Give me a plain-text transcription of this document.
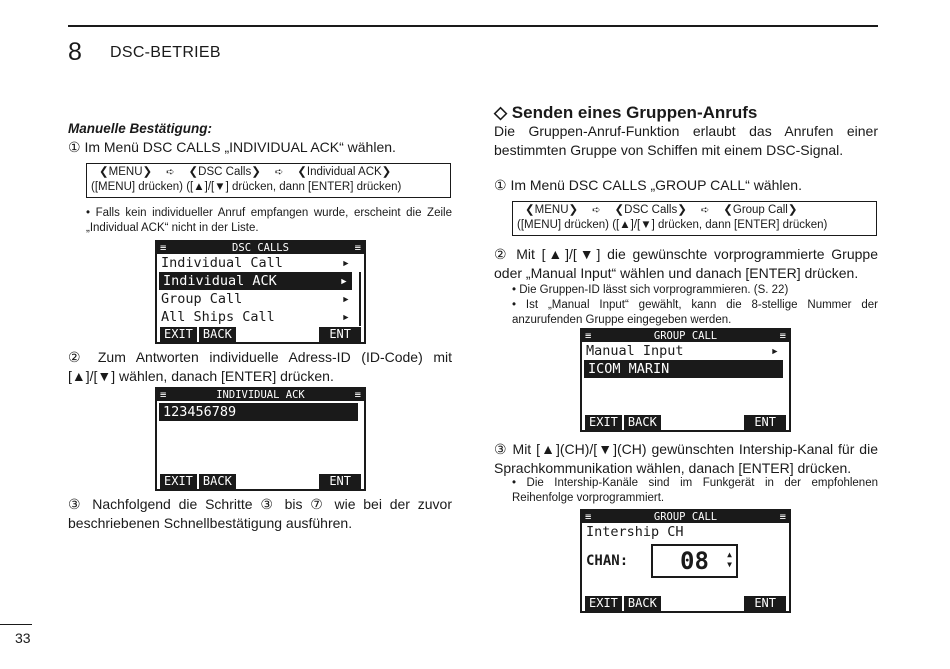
8 DSC-BETRIEB
Manuelle Bestätigung:
① Im Menü DSC CALLS „INDIVIDUAL ACK“ wählen.
❮MENU❯ ➪ ❮DSC Calls❯ ➪ ❮Individual ACK❯
([MENU] drücken) ([▲]/[▼] drücken, dann [ENTER] drücken)
• Falls kein individueller Anruf empfangen wurde, erscheint die Zeile „Individual ACK“ nicht in der Liste.
≡	DSC CALLS	≡
Individual Call	▸
Individual ACK	▸
Group Call	▸
All Ships Call	▸
EXIT BACK	ENT
② Zum Antworten individuelle Adress-ID (ID-Code) mit [▲]/[▼] wählen, danach [ENTER] drücken.
≡	INDIVIDUAL ACK	≡
123456789
EXIT BACK	ENT
③ Nachfolgend die Schritte ③ bis ⑦ wie bei der zuvor beschriebenen Schnellbestätigung ausführen.
◇ Senden eines Gruppen-Anrufs
Die Gruppen-Anruf-Funktion erlaubt das Anrufen einer bestimmten Gruppe von Schiffen mit einem DSC-Signal.
① Im Menü DSC CALLS „GROUP CALL“ wählen.
❮MENU❯ ➪ ❮DSC Calls❯ ➪ ❮Group Call❯
([MENU] drücken) ([▲]/[▼] drücken, dann [ENTER] drücken)
② Mit [▲]/[▼] die gewünschte vorprogrammierte Gruppe oder „Manual Input“ wählen und danach [ENTER] drücken.
• Die Gruppen-ID lässt sich vorprogrammieren. (S. 22)
• Ist „Manual Input“ gewählt, kann die 8-stellige Nummer der anzurufenden Gruppe eingegeben werden.
≡	GROUP CALL	≡
Manual Input	▸
ICOM MARIN
EXIT BACK	ENT
③ Mit [▲](CH)/[▼](CH) gewünschten Intership-Kanal für die Sprachkommunikation wählen, danach [ENTER] drücken.
• Die Intership-Kanäle sind im Funkgerät in der empfohlenen Reihenfolge vorprogrammiert.
≡	GROUP CALL	≡
Intership CH
CHAN: 08 ▲
▼
EXIT BACK	ENT
33
